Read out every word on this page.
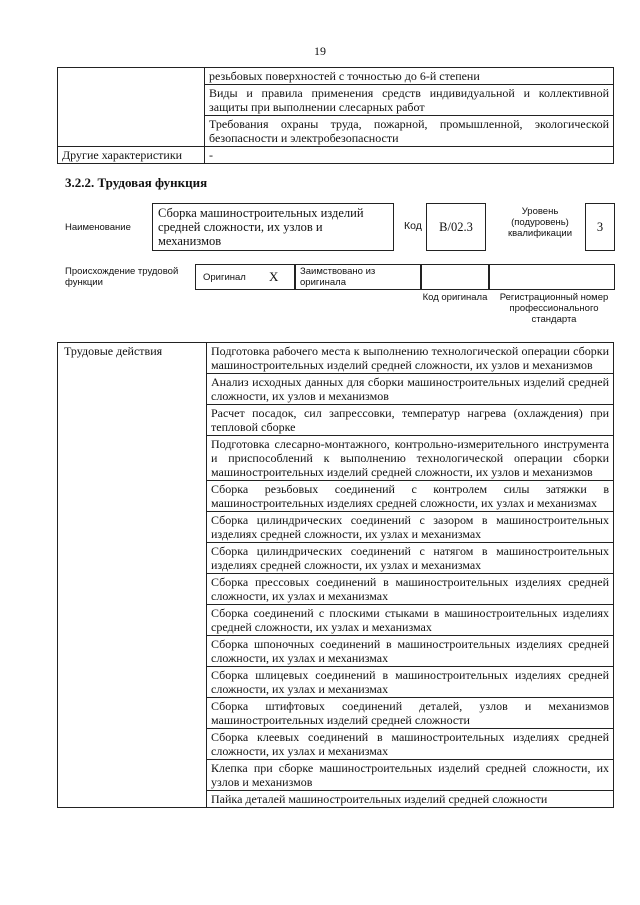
19
	резьбовых поверхностей с точностью до 6-й степени
	Виды и правила применения средств индивидуальной и коллективной защиты при выполнении слесарных работ
	Требования охраны труда, пожарной, промышленной, экологической безопасности и электробезопасности
Другие характеристики	-
3.2.2. Трудовая функция
Наименование
Сборка машиностроительных изделий средней сложности, их узлов и механизмов
Код	B/02.3
Уровень (подуровень) квалификации	3
Происхождение трудовой функции	Оригинал X Заимствовано из оригинала
Код оригинала	Регистрационный номер профессионального стандарта
Трудовые действия	Подготовка рабочего места к выполнению технологической операции сборки машиностроительных изделий средней сложности, их узлов и механизмов
Анализ исходных данных для сборки машиностроительных изделий средней сложности, их узлов и механизмов
Расчет посадок, сил запрессовки, температур нагрева (охлаждения) при тепловой сборке
Подготовка слесарно-монтажного, контрольно-измерительного инструмента и приспособлений к выполнению технологической операции сборки машиностроительных изделий средней сложности, их узлов и механизмов
Сборка резьбовых соединений с контролем силы затяжки в машиностроительных изделиях средней сложности, их узлах и механизмах
Сборка цилиндрических соединений с зазором в машиностроительных изделиях средней сложности, их узлах и механизмах
Сборка цилиндрических соединений с натягом в машиностроительных изделиях средней сложности, их узлах и механизмах
Сборка прессовых соединений в машиностроительных изделиях средней сложности, их узлах и механизмах
Сборка соединений с плоскими стыками в машиностроительных изделиях средней сложности, их узлах и механизмах
Сборка шпоночных соединений в машиностроительных изделиях средней сложности, их узлах и механизмах
Сборка шлицевых соединений в машиностроительных изделиях средней сложности, их узлах и механизмах
Сборка штифтовых соединений деталей, узлов и механизмов машиностроительных изделий средней сложности
Сборка клеевых соединений в машиностроительных изделиях средней сложности, их узлах и механизмах
Клепка при сборке машиностроительных изделий средней сложности, их узлов и механизмов
Пайка деталей машиностроительных изделий средней сложности
